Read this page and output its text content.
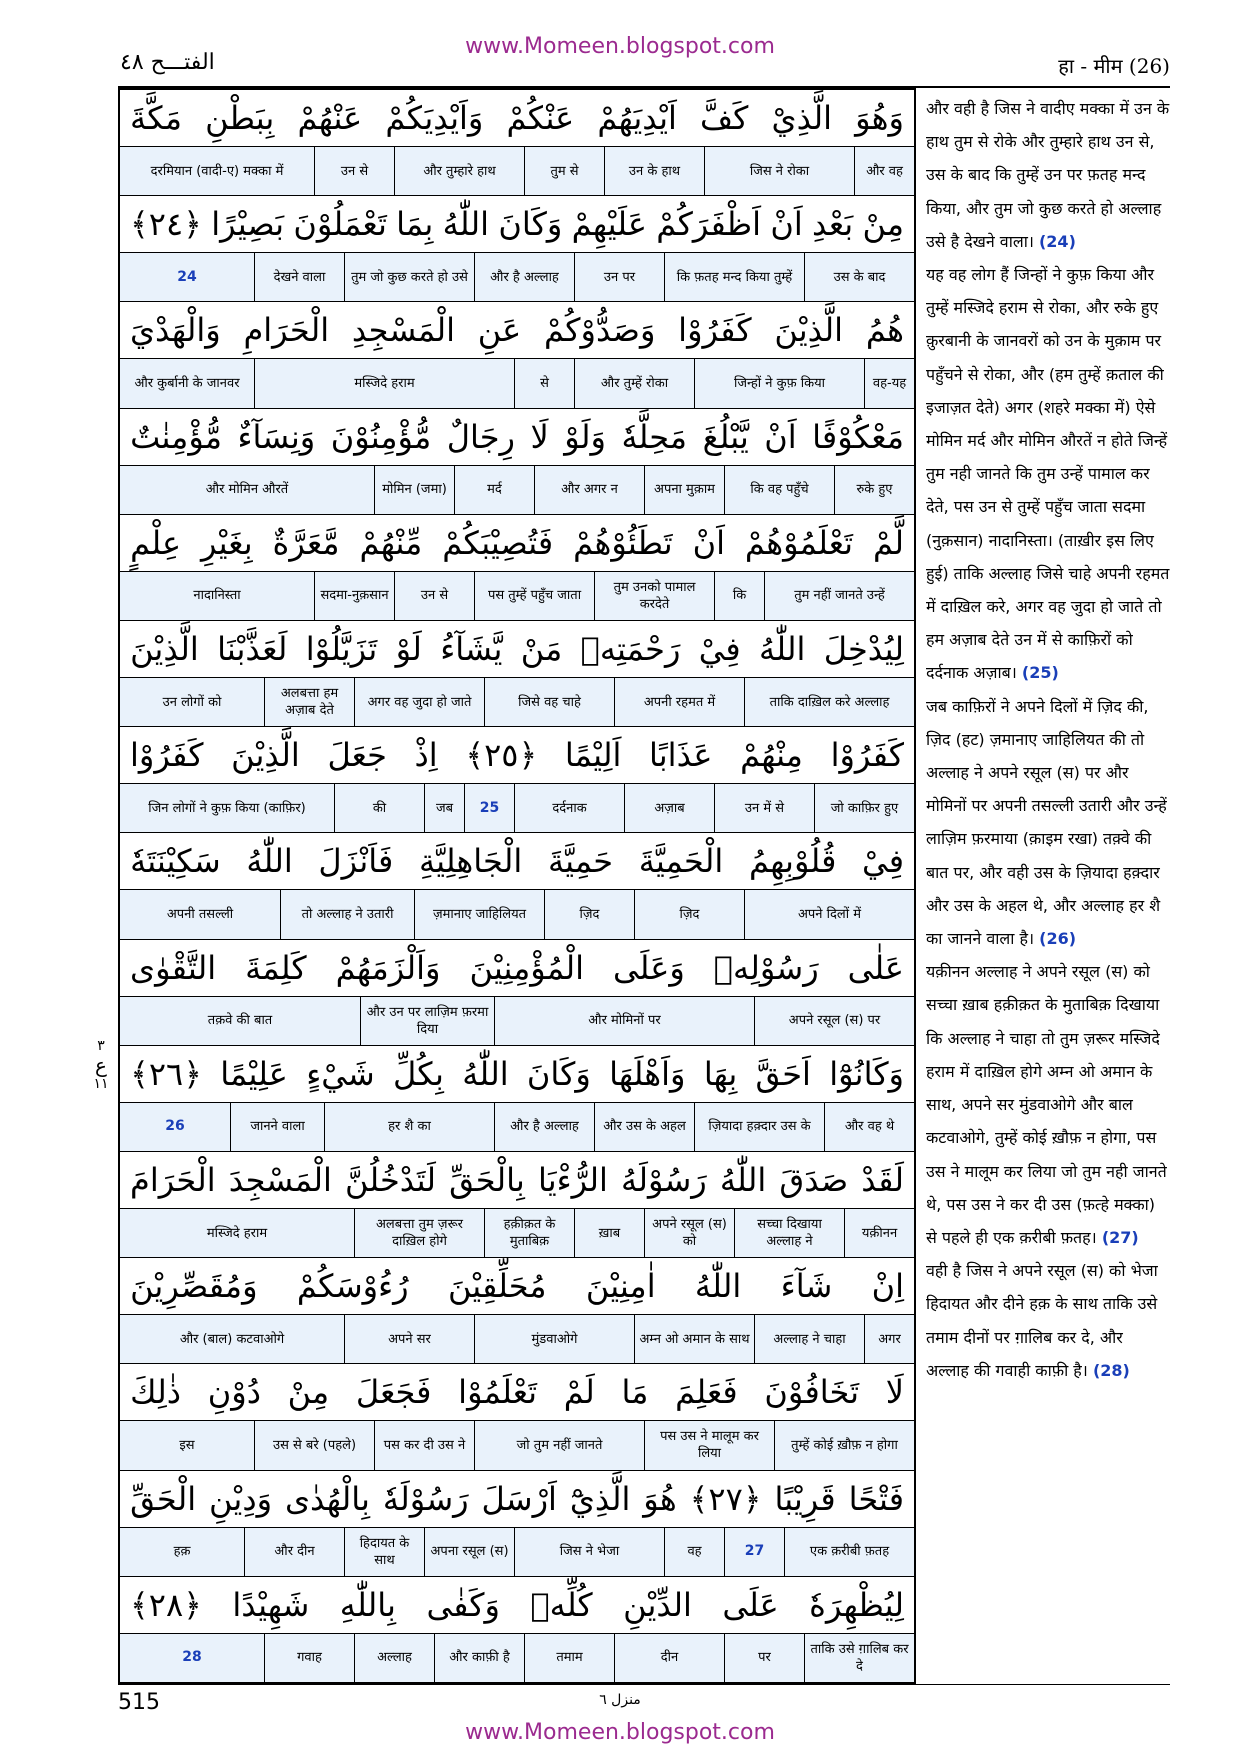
الفتـــح ٤٨
www.Momeen.blogspot.com
हा - मीम (26)
وَهُوَ
الَّذِيْ
كَفَّ
اَيْدِيَهُمْ
عَنْكُمْ
وَاَيْدِيَكُمْ
عَنْهُمْ
بِبَطْنِ
مَكَّةَ
और वह
जिस ने रोका
उन के हाथ
तुम से
और तुम्हारे हाथ
उन से
दरमियान (वादी-ए) मक्का में
مِنْ
بَعْدِ
اَنْ
اَظْفَرَكُمْ
عَلَيْهِمْ
وَكَانَ
اللّٰهُ
بِمَا
تَعْمَلُوْنَ
بَصِيْرًا
﴿٢٤﴾
उस के बाद
कि फ़तह मन्द किया तुम्हें
उन पर
और है अल्लाह
तुम जो कुछ करते हो उसे
देखने वाला
24
هُمُ
الَّذِيْنَ
كَفَرُوْا
وَصَدُّوْكُمْ
عَنِ
الْمَسْجِدِ
الْحَرَامِ
وَالْهَدْيَ
वह-यह
जिन्हों ने कुफ़ किया
और तुम्हें रोका
से
मस्जिदे हराम
और कुर्बानी के जानवर
مَعْكُوْفًا
اَنْ
يَّبْلُغَ
مَحِلَّهٗ
وَلَوْ
لَا
رِجَالٌ
مُّؤْمِنُوْنَ
وَنِسَآءٌ
مُّؤْمِنٰتٌ
रुके हुए
कि वह पहुँचे
अपना मुक़ाम
और अगर न
मर्द
मोमिन (जमा)
और मोमिन औरतें
لَّمْ
تَعْلَمُوْهُمْ
اَنْ
تَطَئُوْهُمْ
فَتُصِيْبَكُمْ
مِّنْهُمْ
مَّعَرَّةٌ
بِغَيْرِ
عِلْمٍ
तुम नहीं जानते उन्हें
कि
तुम उनको पामाल करदेते
पस तुम्हें पहुँच जाता
उन से
सदमा-नुक़सान
नादानिस्ता
لِيُدْخِلَ
اللّٰهُ
فِيْ
رَحْمَتِهٖ
مَنْ
يَّشَآءُ
لَوْ
تَزَيَّلُوْا
لَعَذَّبْنَا
الَّذِيْنَ
ताकि दाख़िल करे अल्लाह
अपनी रहमत में
जिसे वह चाहे
अगर वह जुदा हो जाते
अलबत्ता हम अज़ाब देते
उन लोगों को
كَفَرُوْا
مِنْهُمْ
عَذَابًا
اَلِيْمًا
﴿٢٥﴾
اِذْ
جَعَلَ
الَّذِيْنَ
كَفَرُوْا
जो काफ़िर हुए
उन में से
अज़ाब
दर्दनाक
25
जब
की
जिन लोगों ने कुफ़ किया (काफ़िर)
فِيْ
قُلُوْبِهِمُ
الْحَمِيَّةَ
حَمِيَّةَ
الْجَاهِلِيَّةِ
فَاَنْزَلَ
اللّٰهُ
سَكِيْنَتَهٗ
अपने दिलों में
ज़िद
ज़िद
ज़मानाए जाहिलियत
तो अल्लाह ने उतारी
अपनी तसल्ली
عَلٰى
رَسُوْلِهٖ
وَعَلَى
الْمُؤْمِنِيْنَ
وَاَلْزَمَهُمْ
كَلِمَةَ
التَّقْوٰى
अपने रसूल (स) पर
और मोमिनों पर
और उन पर लाज़िम फ़रमा दिया
तक़वे की बात
وَكَانُوْٓا
اَحَقَّ
بِهَا
وَاَهْلَهَا
وَكَانَ
اللّٰهُ
بِكُلِّ
شَيْءٍ
عَلِيْمًا
﴿٢٦﴾
और वह थे
ज़ियादा हक़्दार उस के
और उस के अहल
और है अल्लाह
हर शै का
जानने वाला
26
لَقَدْ
صَدَقَ
اللّٰهُ
رَسُوْلَهُ
الرُّءْيَا
بِالْحَقِّ
لَتَدْخُلُنَّ
الْمَسْجِدَ
الْحَرَامَ
यक़ीनन
सच्चा दिखाया अल्लाह ने
अपने रसूल (स) को
ख़ाब
हक़ीक़त के मुताबिक़
अलबत्ता तुम ज़रूर दाख़िल होगे
मस्जिदे हराम
اِنْ
شَآءَ
اللّٰهُ
اٰمِنِيْنَ
مُحَلِّقِيْنَ
رُءُوْسَكُمْ
وَمُقَصِّرِيْنَ
अगर
अल्लाह ने चाहा
अम्न ओ अमान के साथ
मुंडवाओगे
अपने सर
और (बाल) कटवाओगे
لَا
تَخَافُوْنَ
فَعَلِمَ
مَا
لَمْ
تَعْلَمُوْا
فَجَعَلَ
مِنْ
دُوْنِ
ذٰلِكَ
तुम्हें कोई ख़ौफ़ न होगा
पस उस ने मालूम कर लिया
जो तुम नहीं जानते
पस कर दी उस ने
उस से बरे (पहले)
इस
فَتْحًا
قَرِيْبًا
﴿٢٧﴾
هُوَ
الَّذِيْٓ
اَرْسَلَ
رَسُوْلَهٗ
بِالْهُدٰى
وَدِيْنِ
الْحَقِّ
एक क़रीबी फ़तह
27
वह
जिस ने भेजा
अपना रसूल (स)
हिदायत के साथ
और दीन
हक़
لِيُظْهِرَهٗ
عَلَى
الدِّيْنِ
كُلِّهٖ
وَكَفٰى
بِاللّٰهِ
شَهِيْدًا
﴿٢٨﴾
ताकि उसे ग़ालिब कर दे
पर
दीन
तमाम
और काफ़ी है
अल्लाह
गवाह
28

और वही है जिस ने वादीए मक्का में उन के हाथ तुम से रोके और तुम्हारे हाथ उन से, उस के बाद कि तुम्हें उन पर फ़तह मन्द किया, और तुम जो कुछ करते हो अल्लाह उसे है देखने वाला। (24)

यह वह लोग हैं जिन्हों ने कुफ़ किया और तुम्हें मस्जिदे हराम से रोका, और रुके हुए क़ुरबानी के जानवरों को उन के मुक़ाम पर पहुँचने से रोका, और (हम तुम्हें क़ताल की इजाज़त देते) अगर (शहरे मक्का में) ऐसे मोमिन मर्द और मोमिन औरतें न होते जिन्हें तुम नही जानते कि तुम उन्हें पामाल कर देते, पस उन से तुम्हें पहुँच जाता सदमा (नुक़सान) नादानिस्ता। (ताख़ीर इस लिए हुई) ताकि अल्लाह जिसे चाहे अपनी रहमत में दाख़िल करे, अगर वह जुदा हो जाते तो हम अज़ाब देते उन में से काफ़िरों को दर्दनाक अज़ाब। (25)

जब काफ़िरों ने अपने दिलों में ज़िद की, ज़िद (हट) ज़मानाए जाहिलियत की तो अल्लाह ने अपने रसूल (स) पर और मोमिनों पर अपनी तसल्ली उतारी और उन्हें लाज़िम फ़रमाया (क़ाइम रखा) तक़्वे की बात पर, और वही उस के ज़ियादा हक़्दार और उस के अहल थे, और अल्लाह हर शै का जानने वाला है। (26)

यक़ीनन अल्लाह ने अपने रसूल (स) को सच्चा ख़ाब हक़ीक़त के मुताबिक़ दिखाया कि अल्लाह ने चाहा तो तुम ज़रूर मस्जिदे हराम में दाख़िल होगे अम्न ओ अमान के साथ, अपने सर मुंडवाओगे और बाल कटवाओगे, तुम्हें कोई ख़ौफ़ न होगा, पस उस ने मालूम कर लिया जो तुम नही जानते थे, पस उस ने कर दी उस (फ़त्हे मक्का) से पहले ही एक क़रीबी फ़तह। (27)

वही है जिस ने अपने रसूल (स) को भेजा हिदायत और दीने हक़ के साथ ताकि उसे तमाम दीनों पर ग़ालिब कर दे, और अल्लाह की गवाही काफ़ी है। (28)

٣
ع
١١
515	منزل ٦
www.Momeen.blogspot.com
